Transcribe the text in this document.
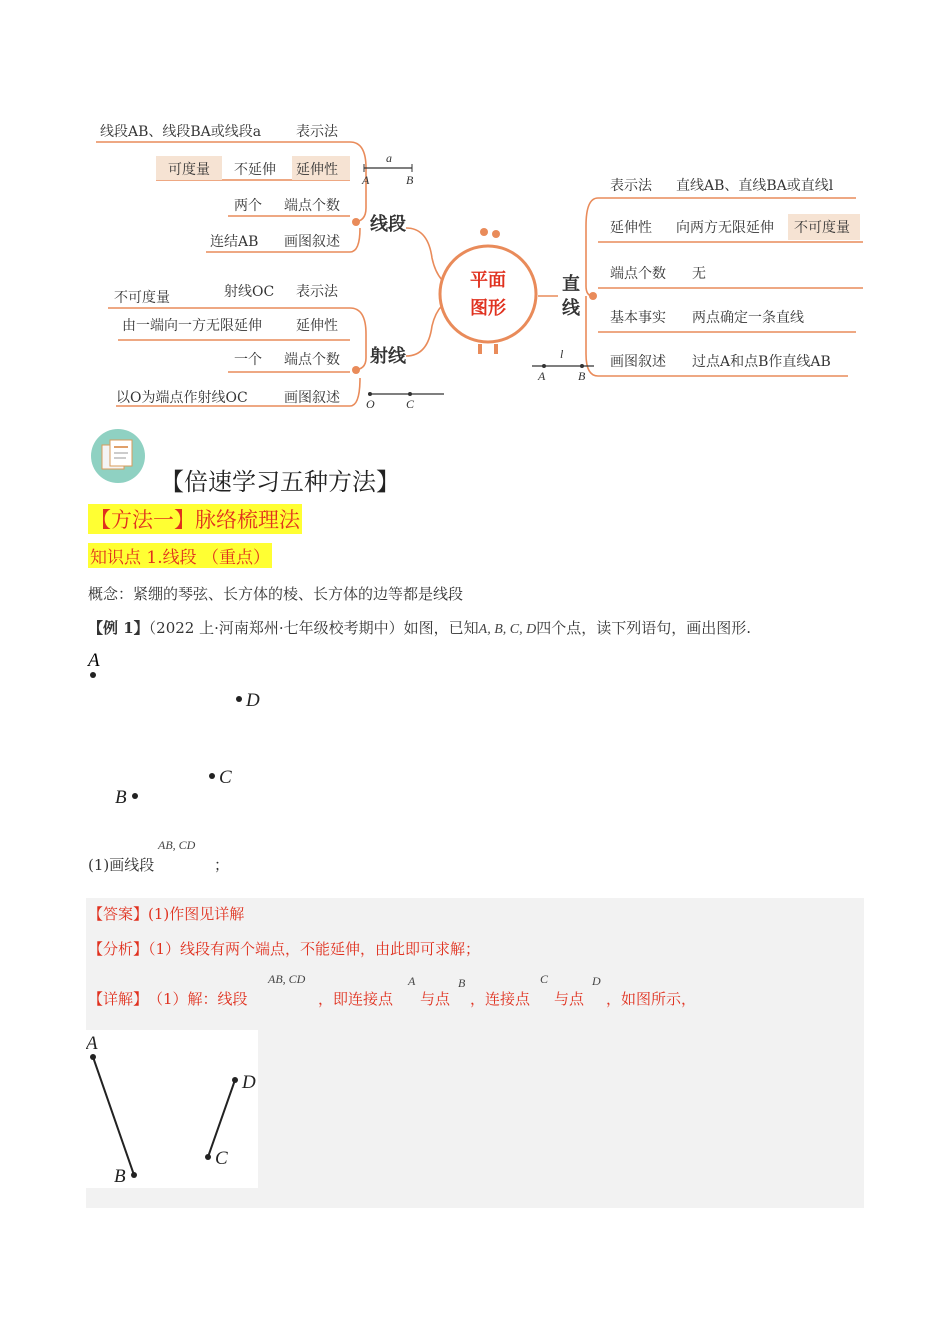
平面
图形
线段
射线
直
线
线段AB、线段BA或线段a 表示法
可度量 不延伸 延伸性
两个 端点个数
连结AB 画图叙述
a
A	B
不可度量	射线OC 表示法
由一端向一方无限延伸 延伸性
一个 端点个数
以O为端点作射线OC	画图叙述 O	C
表示法 直线AB、直线BA或直线l
延伸性 向两方无限延伸 不可度量
端点个数 无
基本事实 两点确定一条直线
画图叙述 过点A和点B作直线AB
l
A	B
【倍速学习五种方法】
【方法一】脉络梳理法
知识点 1.线段 （重点）
概念：紧绷的琴弦、长方体的棱、长方体的边等都是线段
【例 1】（2022 上·河南郑州·七年级校考期中）如图，已知A, B, C, D四个点，读下列语句，画出图形.
A
D
C
B
AB, CD
(1)画线段	；
【答案】(1)作图见详解
【分析】（1）线段有两个端点，不能延伸，由此即可求解；
AB, CD	A	B	C	D
【详解】 （1）解：线段	，即连接点 与点 ，连接点 与点 ，如图所示，
A
B
D
C
